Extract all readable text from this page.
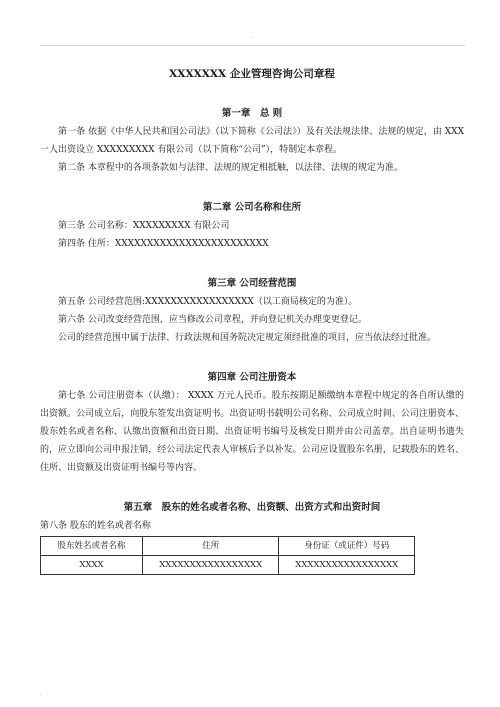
.
XXXXXXX 企业管理咨询公司章程
第一章　总 则

第一条 依据《中华人民共和国公司法》（以下简称《公司法》）及有关法规法律、法规的规定，由 XXX 一人出资设立 XXXXXXXXX 有限公司（以下简称“公司”），特制定本章程。

第二条 本章程中的各项条款如与法律、法规的规定相抵触，以法律、法规的规定为准。

第二章 公司名称和住所

第三条 公司名称：XXXXXXXXX 有限公司

第四条 住所：XXXXXXXXXXXXXXXXXXXXXXXX

第三章 公司经营范围

第五条 公司经营范围:XXXXXXXXXXXXXXXXX（以工商局核定的为准）。

第六条 公司改变经营范围，应当修改公司章程，并向登记机关办理变更登记。

公司的经营范围中属于法律、行政法规和国务院决定规定须经批准的项目，应当依法经过批准。

第四章 公司注册资本

第七条 公司注册资本（认缴）： XXXX 万元人民币。股东按期足额缴纳本章程中规定的各自所认缴的出资额。公司成立后，向股东签发出资证明书。出资证明书载明公司名称、公司成立时间、公司注册资本、股东姓名或者名称、认缴出资额和出资日期、出资证明书编号及核发日期并由公司盖章。出自证明书遗失的，应立即向公司申报注销，经公司法定代表人审核后予以补发。公司应设置股东名册，记载股东的姓名、住所、出资额及出资证明书编号等内容。

第五章　股东的姓名或者名称、出资额、出资方式和出资时间
第八条 股东的姓名或者名称
股东姓名或者名称	住所	身份证（或证件）号码
XXXX	XXXXXXXXXXXXXXXXX	XXXXXXXXXXXXXXXXX
.
